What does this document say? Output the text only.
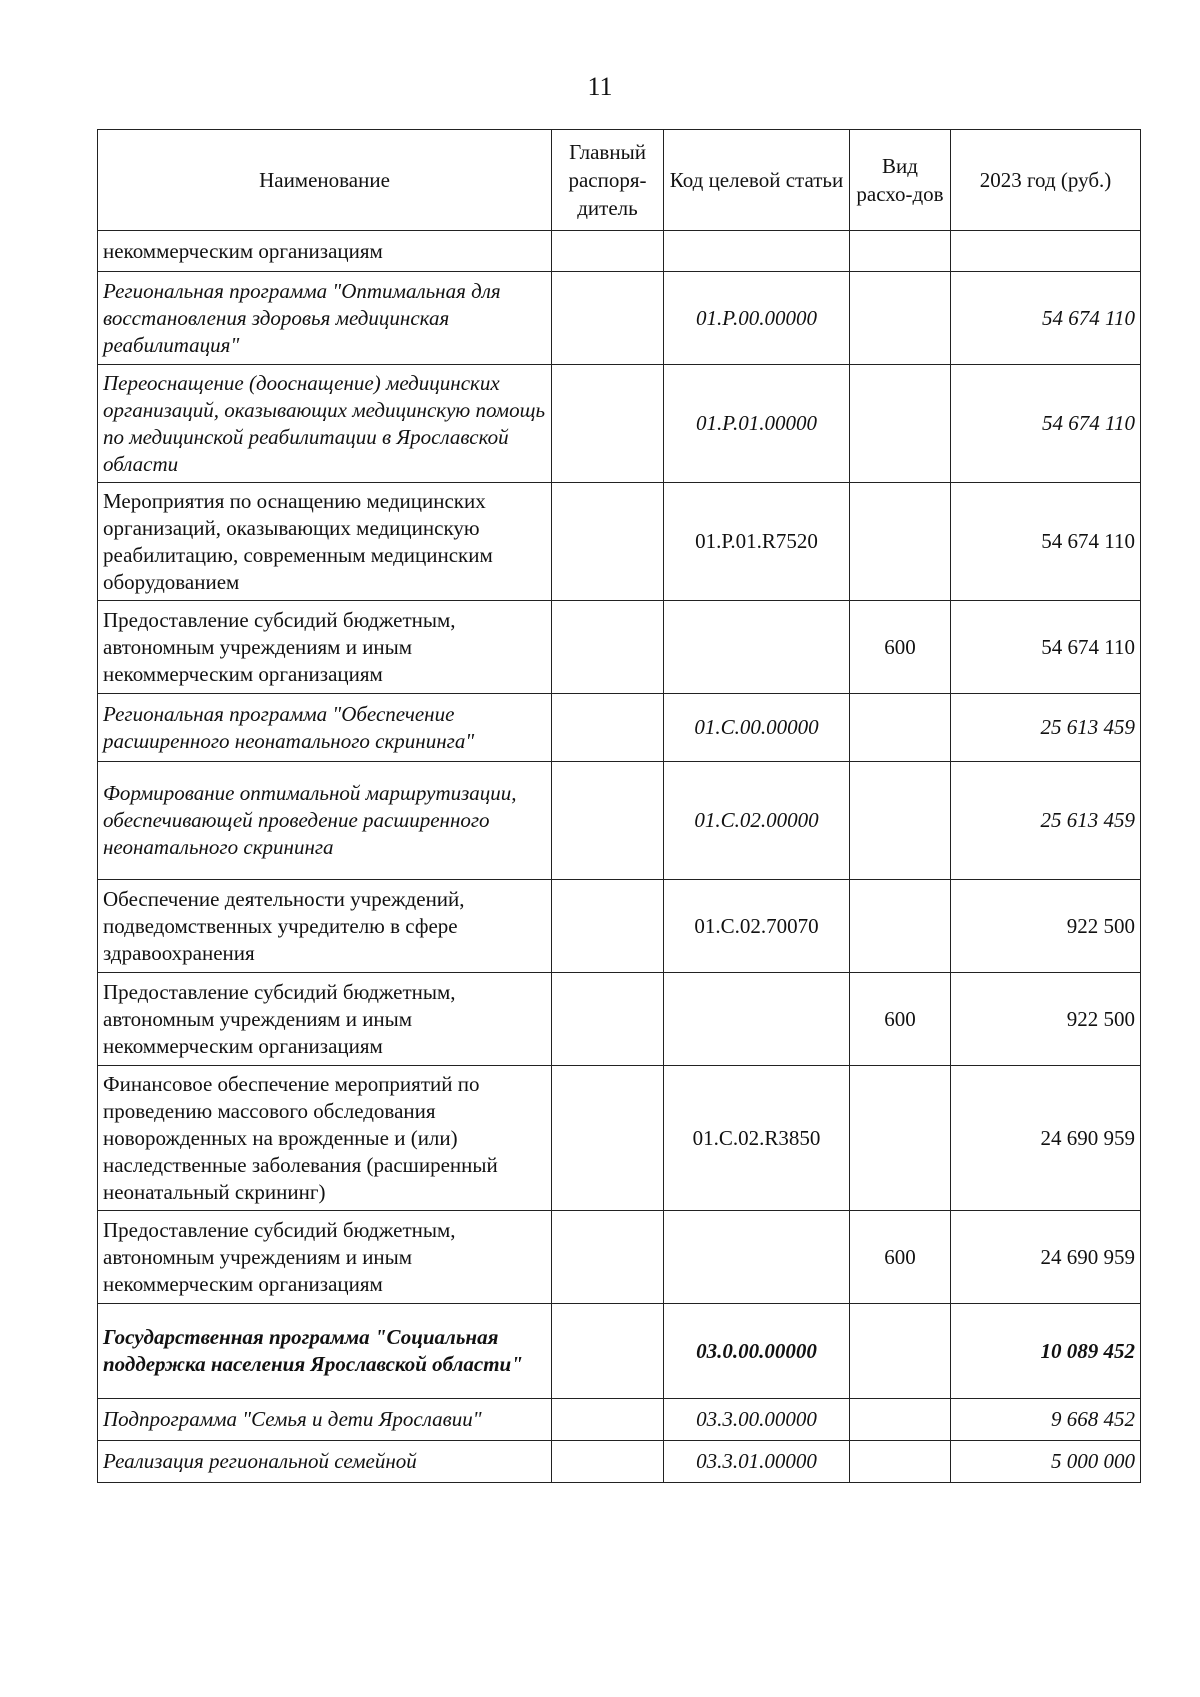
11
Наименование	Главный распоря-дитель	Код целевой статьи	Вид расхо-дов	2023 год (руб.)
некоммерческим организациям				
Региональная программа "Оптимальная для восстановления здоровья медицинская реабилитация"		01.Р.00.00000		54 674 110
Переоснащение (дооснащение) медицинских организаций, оказывающих медицинскую помощь по медицинской реабилитации в Ярославской области		01.Р.01.00000		54 674 110
Мероприятия по оснащению медицинских организаций, оказывающих медицинскую реабилитацию, современным медицинским оборудованием		01.Р.01.R7520		54 674 110
Предоставление субсидий бюджетным, автономным учреждениям и иным некоммерческим организациям			600	54 674 110
Региональная программа "Обеспечение расширенного неонатального скрининга"		01.С.00.00000		25 613 459
Формирование оптимальной маршрутизации, обеспечивающей проведение расширенного неонатального скрининга		01.С.02.00000		25 613 459
Обеспечение деятельности учреждений, подведомственных учредителю в сфере здравоохранения		01.С.02.70070		922 500
Предоставление субсидий бюджетным, автономным учреждениям и иным некоммерческим организациям			600	922 500
Финансовое обеспечение мероприятий по проведению массового обследования новорожденных на врожденные и (или) наследственные заболевания (расширенный неонатальный скрининг)		01.С.02.R3850		24 690 959
Предоставление субсидий бюджетным, автономным учреждениям и иным некоммерческим организациям			600	24 690 959
Государственная программа "Социальная поддержка населения Ярославской области"		03.0.00.00000		10 089 452
Подпрограмма "Семья и дети Ярославии"		03.3.00.00000		9 668 452
Реализация региональной семейной		03.3.01.00000		5 000 000
